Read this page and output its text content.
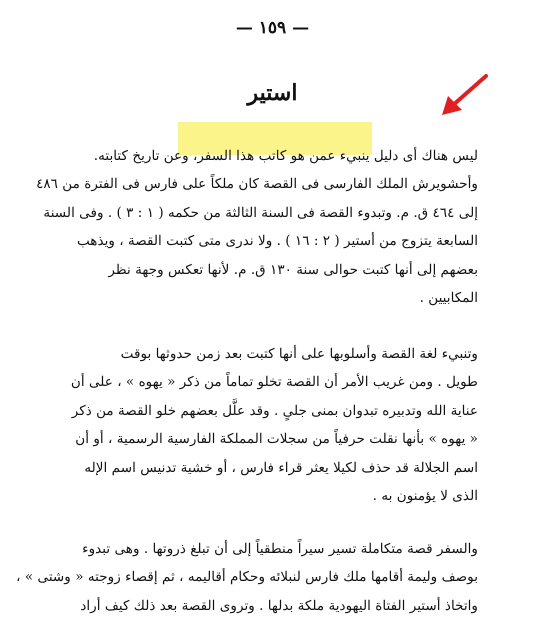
— ١٥٩ —
استير
ليس هناك أى دليل ينبيء عمن هو كاتب هذا السفر، وعن تاريخ كتابته.
وأحشويرش الملك الفارسى فى القصة كان ملكاً على فارس فى الفترة من ٤٨٦
إلى ٤٦٤ ق. م. وتبدوء القصة فى السنة الثالثة من حكمه ( ١ : ٣ ) . وفى السنة
السابعة يتزوج من أستير ( ٢ : ١٦ ) . ولا ندرى متى كتبت القصة ، ويذهب
بعضهم إلى أنها كتبت حوالى سنة ١٣٠ ق. م. لأنها تعكس وجهة نظر
المكابيين .
وتنبيء لغة القصة وأسلوبها على أنها كتبت بعد زمن حدوثها بوقت
طويل . ومن غريب الأمر أن القصة تخلو تماماً من ذكر « يهوه » ، على أن
عناية الله وتدبيره تبدوان بمنى جلىٍ . وقد علَّل بعضهم خلو القصة من ذكر
« يهوه » بأنها نقلت حرفياً من سجلات المملكة الفارسية الرسمية ، أو أن
اسم الجلالة قد حذف لكيلا يعثر قراء فارس ، أو خشية تدنيس اسم الإله
الذى لا يؤمنون به .
والسفر قصة متكاملة تسير سيراً منطقياً إلى أن تبلغ ذروتها . وهى تبدوء
بوصف وليمة أقامها ملك فارس لنبلائه وحكام أقاليمه ، ثم إقصاء زوجته « وشتى » ،
واتخاذ أستير الفتاة اليهودية ملكة بدلها . وتروى القصة بعد ذلك كيف أراد
